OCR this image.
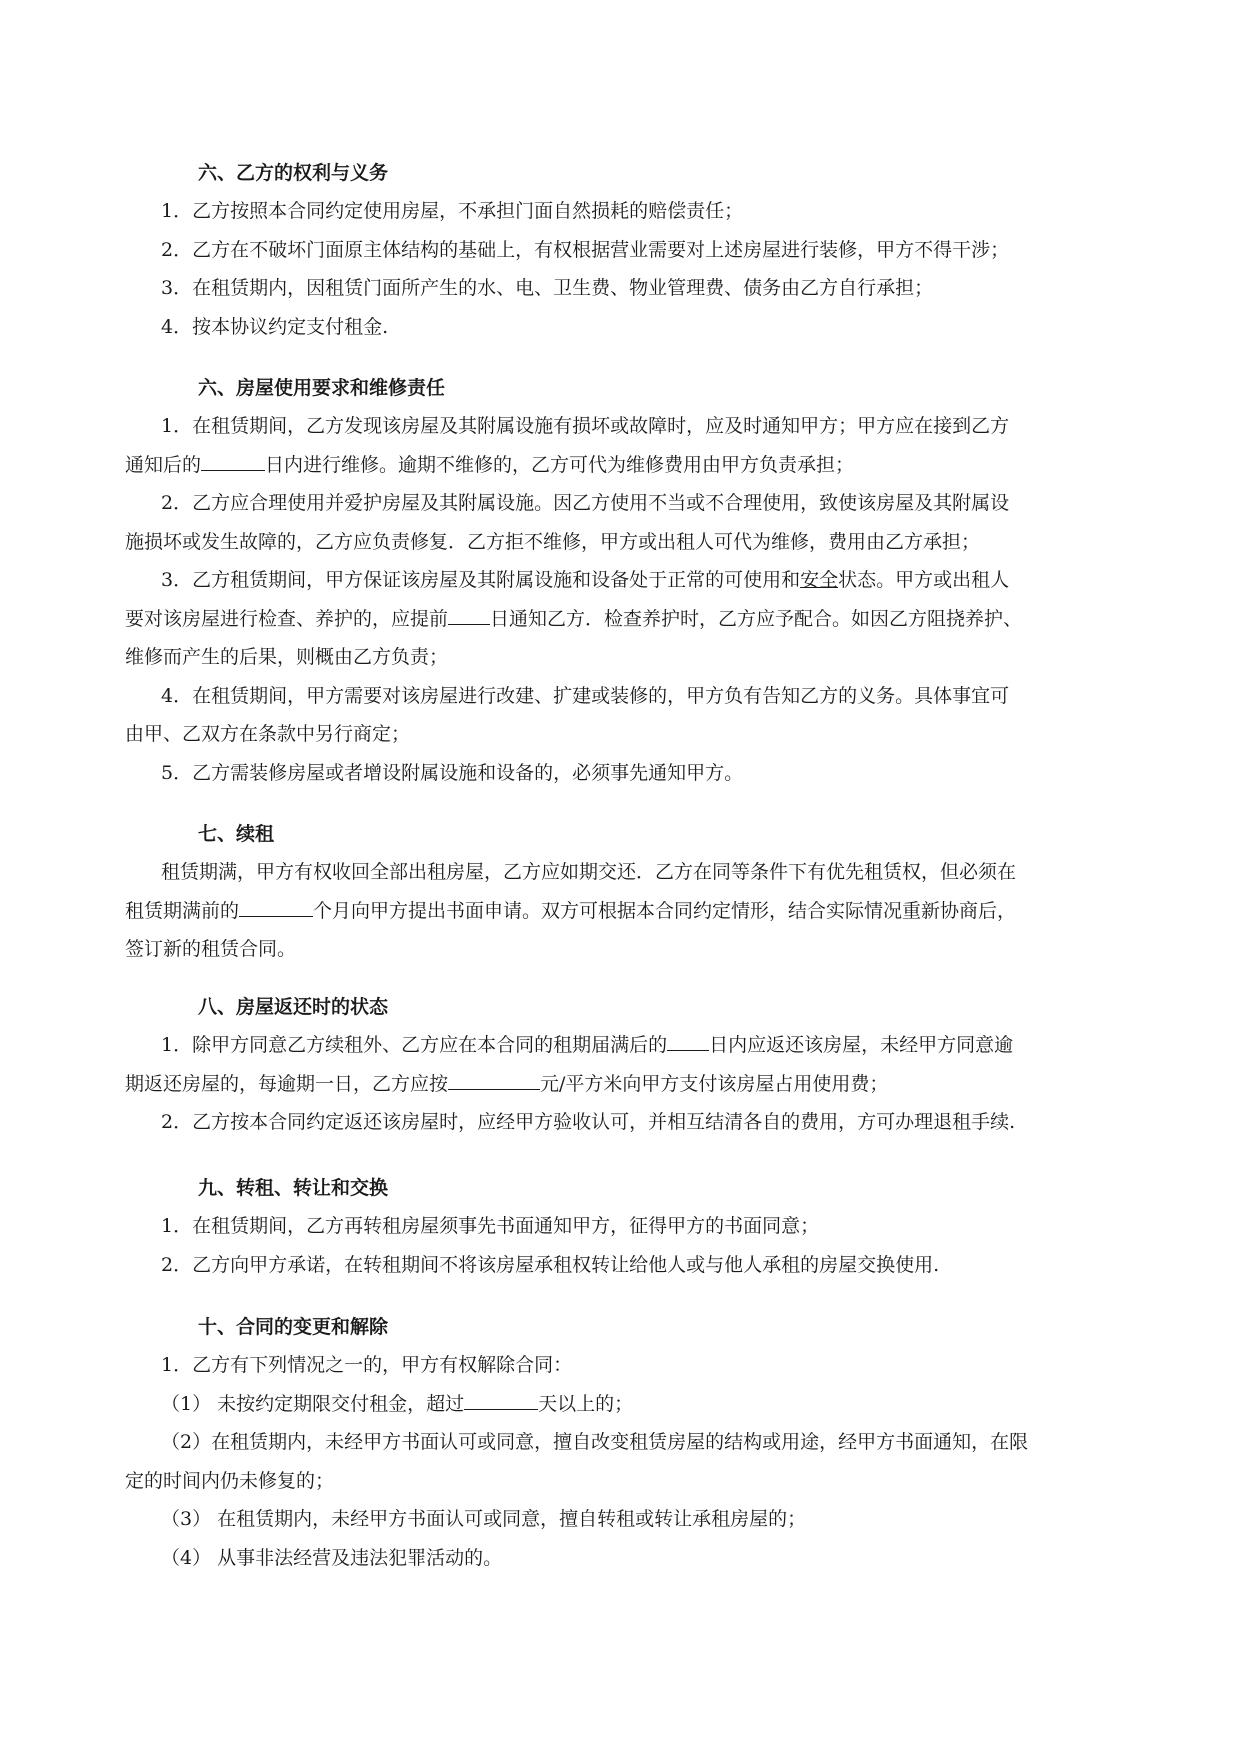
六、乙方的权利与义务
1．乙方按照本合同约定使用房屋，不承担门面自然损耗的赔偿责任；
2．乙方在不破坏门面原主体结构的基础上，有权根据营业需要对上述房屋进行装修，甲方不得干涉；
3．在租赁期内，因租赁门面所产生的水、电、卫生费、物业管理费、债务由乙方自行承担；
4．按本协议约定支付租金.
六、房屋使用要求和维修责任
1．在租赁期间，乙方发现该房屋及其附属设施有损坏或故障时，应及时通知甲方；甲方应在接到乙方
通知后的	日内进行维修。逾期不维修的，乙方可代为维修费用由甲方负责承担；
2．乙方应合理使用并爱护房屋及其附属设施。因乙方使用不当或不合理使用，致使该房屋及其附属设
施损坏或发生故障的，乙方应负责修复．乙方拒不维修，甲方或出租人可代为维修，费用由乙方承担；
3．乙方租赁期间，甲方保证该房屋及其附属设施和设备处于正常的可使用和安全状态。甲方或出租人
要对该房屋进行检查、养护的，应提前 日通知乙方．检查养护时，乙方应予配合。如因乙方阻挠养护、
维修而产生的后果，则概由乙方负责；
4．在租赁期间，甲方需要对该房屋进行改建、扩建或装修的，甲方负有告知乙方的义务。具体事宜可
由甲、乙双方在条款中另行商定；
5．乙方需装修房屋或者增设附属设施和设备的，必须事先通知甲方。
七、续租
租赁期满，甲方有权收回全部出租房屋，乙方应如期交还．乙方在同等条件下有优先租赁权，但必须在
租赁期满前的	个月向甲方提出书面申请。双方可根据本合同约定情形，结合实际情况重新协商后，
签订新的租赁合同。
八、房屋返还时的状态
1．除甲方同意乙方续租外、乙方应在本合同的租期届满后的 日内应返还该房屋，未经甲方同意逾
期返还房屋的，每逾期一日，乙方应按	元/平方米向甲方支付该房屋占用使用费；
2．乙方按本合同约定返还该房屋时，应经甲方验收认可，并相互结清各自的费用，方可办理退租手续.
九、转租、转让和交换
1．在租赁期间，乙方再转租房屋须事先书面通知甲方，征得甲方的书面同意；
2．乙方向甲方承诺，在转租期间不将该房屋承租权转让给他人或与他人承租的房屋交换使用.
十、合同的变更和解除
1．乙方有下列情况之一的，甲方有权解除合同：
（1） 未按约定期限交付租金，超过	天以上的；
（2）在租赁期内，未经甲方书面认可或同意，擅自改变租赁房屋的结构或用途，经甲方书面通知，在限
定的时间内仍未修复的；
（3） 在租赁期内，未经甲方书面认可或同意，擅自转租或转让承租房屋的；
（4） 从事非法经营及违法犯罪活动的。
